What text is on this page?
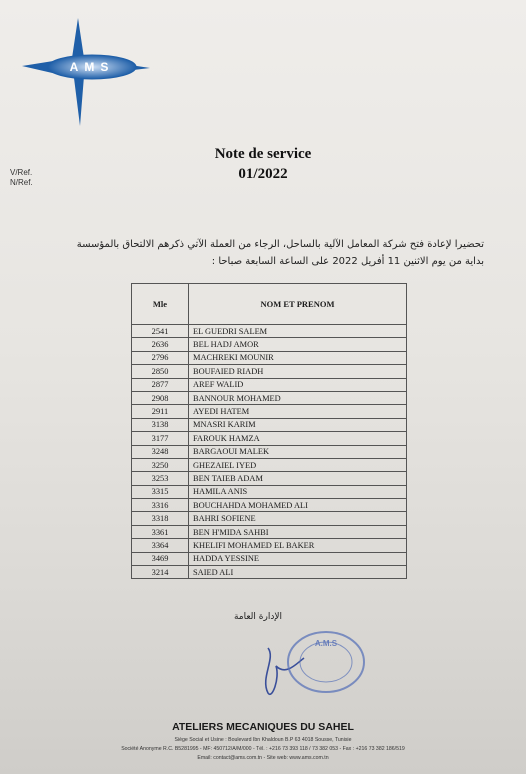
AMS
V/Ref.
N/Ref.
Note de service
01/2022
تحضيرا لإعادة فتح شركة المعامل الآلية بالساحل، الرجاء من العملة الآتي ذكرهم الالتحاق بالمؤسسة
بداية من يوم الاثنين 11 أفريل 2022 على الساعة السابعة صباحا :
Mle	NOM ET PRENOM
2541	EL GUEDRI SALEM
2636	BEL HADJ AMOR
2796	MACHREKI MOUNIR
2850	BOUFAIED RIADH
2877	AREF WALID
2908	BANNOUR MOHAMED
2911	AYEDI HATEM
3138	MNASRI KARIM
3177	FAROUK HAMZA
3248	BARGAOUI MALEK
3250	GHEZAIEL IYED
3253	BEN TAIEB ADAM
3315	HAMILA ANIS
3316	BOUCHAHDA MOHAMED ALI
3318	BAHRI SOFIENE
3361	BEN H'MIDA SAHBI
3364	KHELIFI MOHAMED EL BAKER
3469	HADDA YESSINE
3214	SAIED ALI
الإدارة العامة
A.M.S
ATELIERS MECANIQUES DU SAHEL
Siège Social et Usine : Boulevard Ibn Khaldoun B.P 63 4018 Sousse, Tunisie
Société Anonyme R.C. B5281995 - MF: 450712/A/M/000 - Tél. : +216 73 393 118 / 73 382 053 - Fax : +216 73 382 186/519
Email: contact@ams.com.tn - Site web: www.ams.com.tn
